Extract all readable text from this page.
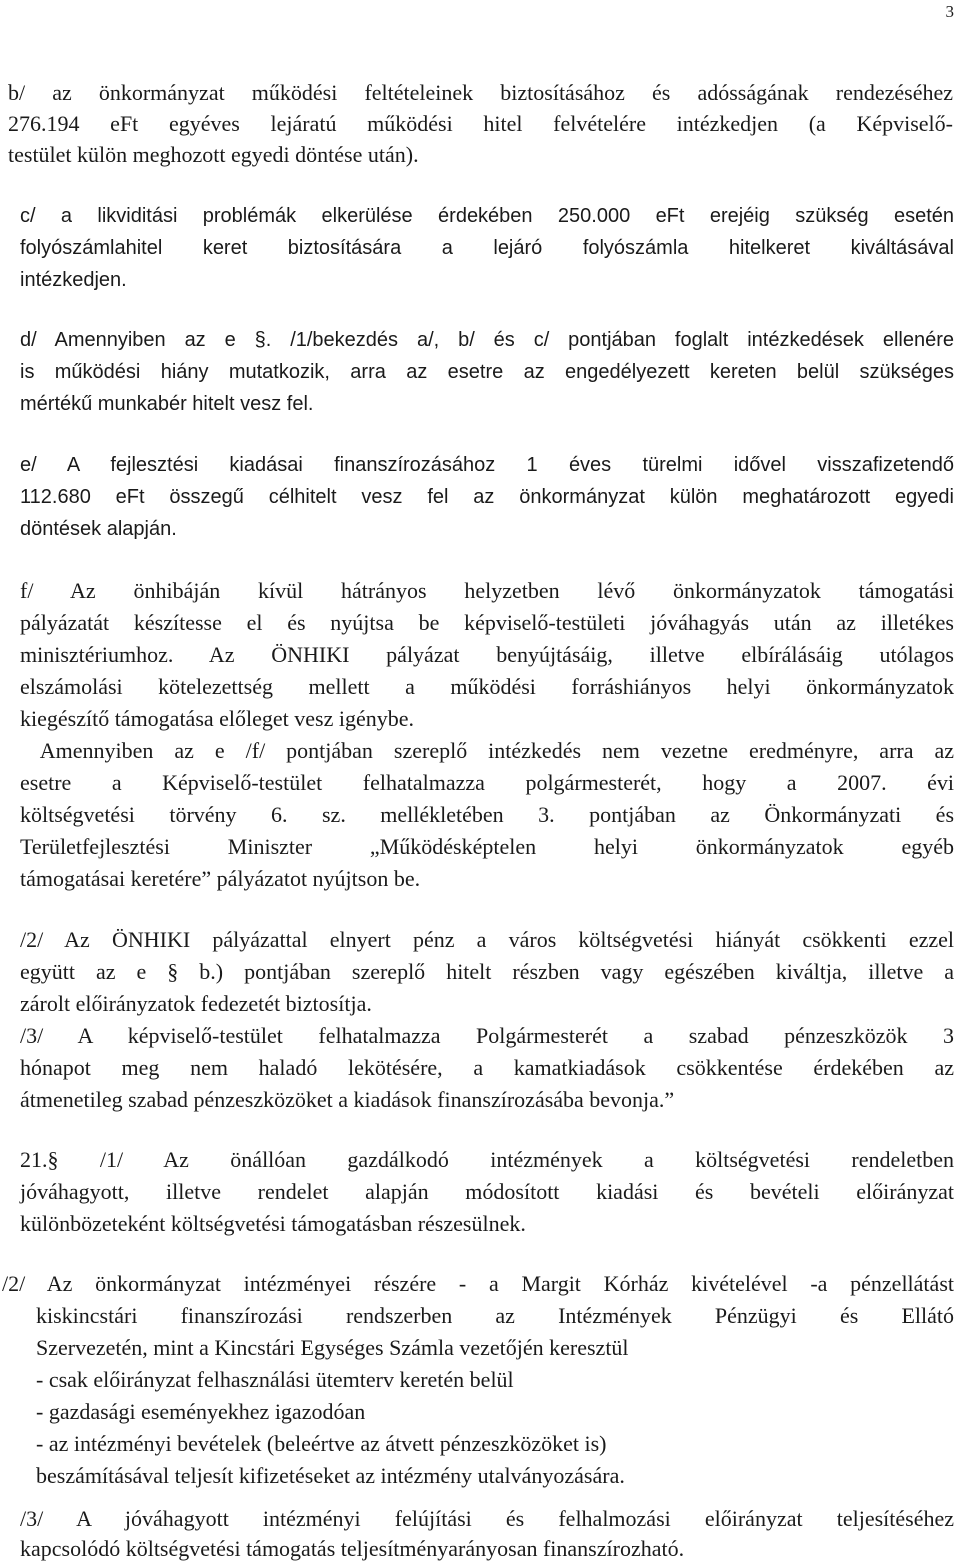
3
b/ az önkormányzat működési feltételeinek biztosításához és adósságának rendezéséhez
276.194 eFt egyéves lejáratú működési hitel felvételére intézkedjen (a Képviselő-
testület külön meghozott egyedi döntése után).
c/ a likviditási problémák elkerülése érdekében 250.000 eFt erejéig szükség esetén
folyószámlahitel keret biztosítására a lejáró folyószámla hitelkeret kiváltásával
intézkedjen.
d/ Amennyiben az e §. /1/bekezdés a/, b/ és c/ pontjában foglalt intézkedések ellenére
is működési hiány mutatkozik, arra az esetre az engedélyezett kereten belül szükséges
mértékű munkabér hitelt vesz fel.
e/ A fejlesztési kiadásai finanszírozásához 1 éves türelmi idővel visszafizetendő
112.680 eFt összegű célhitelt vesz fel az önkormányzat külön meghatározott egyedi
döntések alapján.
f/ Az önhibáján kívül hátrányos helyzetben lévő önkormányzatok támogatási
pályázatát készítesse el és nyújtsa be képviselő-testületi jóváhagyás után az illetékes
minisztériumhoz. Az ÖNHIKI pályázat benyújtásáig, illetve elbírálásáig utólagos
elszámolási kötelezettség mellett a működési forráshiányos helyi önkormányzatok
kiegészítő támogatása előleget vesz igénybe.
Amennyiben az e /f/ pontjában szereplő intézkedés nem vezetne eredményre, arra az
esetre a Képviselő-testület felhatalmazza polgármesterét, hogy a 2007. évi
költségvetési törvény 6. sz. mellékletében 3. pontjában az Önkormányzati és
Területfejlesztési Miniszter „Működésképtelen helyi önkormányzatok egyéb
támogatásai keretére” pályázatot nyújtson be.
/2/ Az ÖNHIKI pályázattal elnyert pénz a város költségvetési hiányát csökkenti ezzel
együtt az e § b.) pontjában szereplő hitelt részben vagy egészében kiváltja, illetve a
zárolt előirányzatok fedezetét biztosítja.
/3/ A képviselő-testület felhatalmazza Polgármesterét a szabad pénzeszközök 3
hónapot meg nem haladó lekötésére, a kamatkiadások csökkentése érdekében az
átmenetileg szabad pénzeszközöket a kiadások finanszírozásába bevonja.”
21.§ /1/ Az önállóan gazdálkodó intézmények a költségvetési rendeletben
jóváhagyott, illetve rendelet alapján módosított kiadási és bevételi előirányzat
különbözeteként költségvetési támogatásban részesülnek.
/2/ Az önkormányzat intézményei részére - a Margit Kórház kivételével -a pénzellátást
kiskincstári finanszírozási rendszerben az Intézmények Pénzügyi és Ellátó
Szervezetén, mint a Kincstári Egységes Számla vezetőjén keresztül
- csak előirányzat felhasználási ütemterv keretén belül
- gazdasági eseményekhez igazodóan
- az intézményi bevételek (beleértve az átvett pénzeszközöket is)
beszámításával teljesít kifizetéseket az intézmény utalványozására.
/3/ A jóváhagyott intézményi felújítási és felhalmozási előirányzat teljesítéséhez
kapcsolódó költségvetési támogatás teljesítményarányosan finanszírozható.
